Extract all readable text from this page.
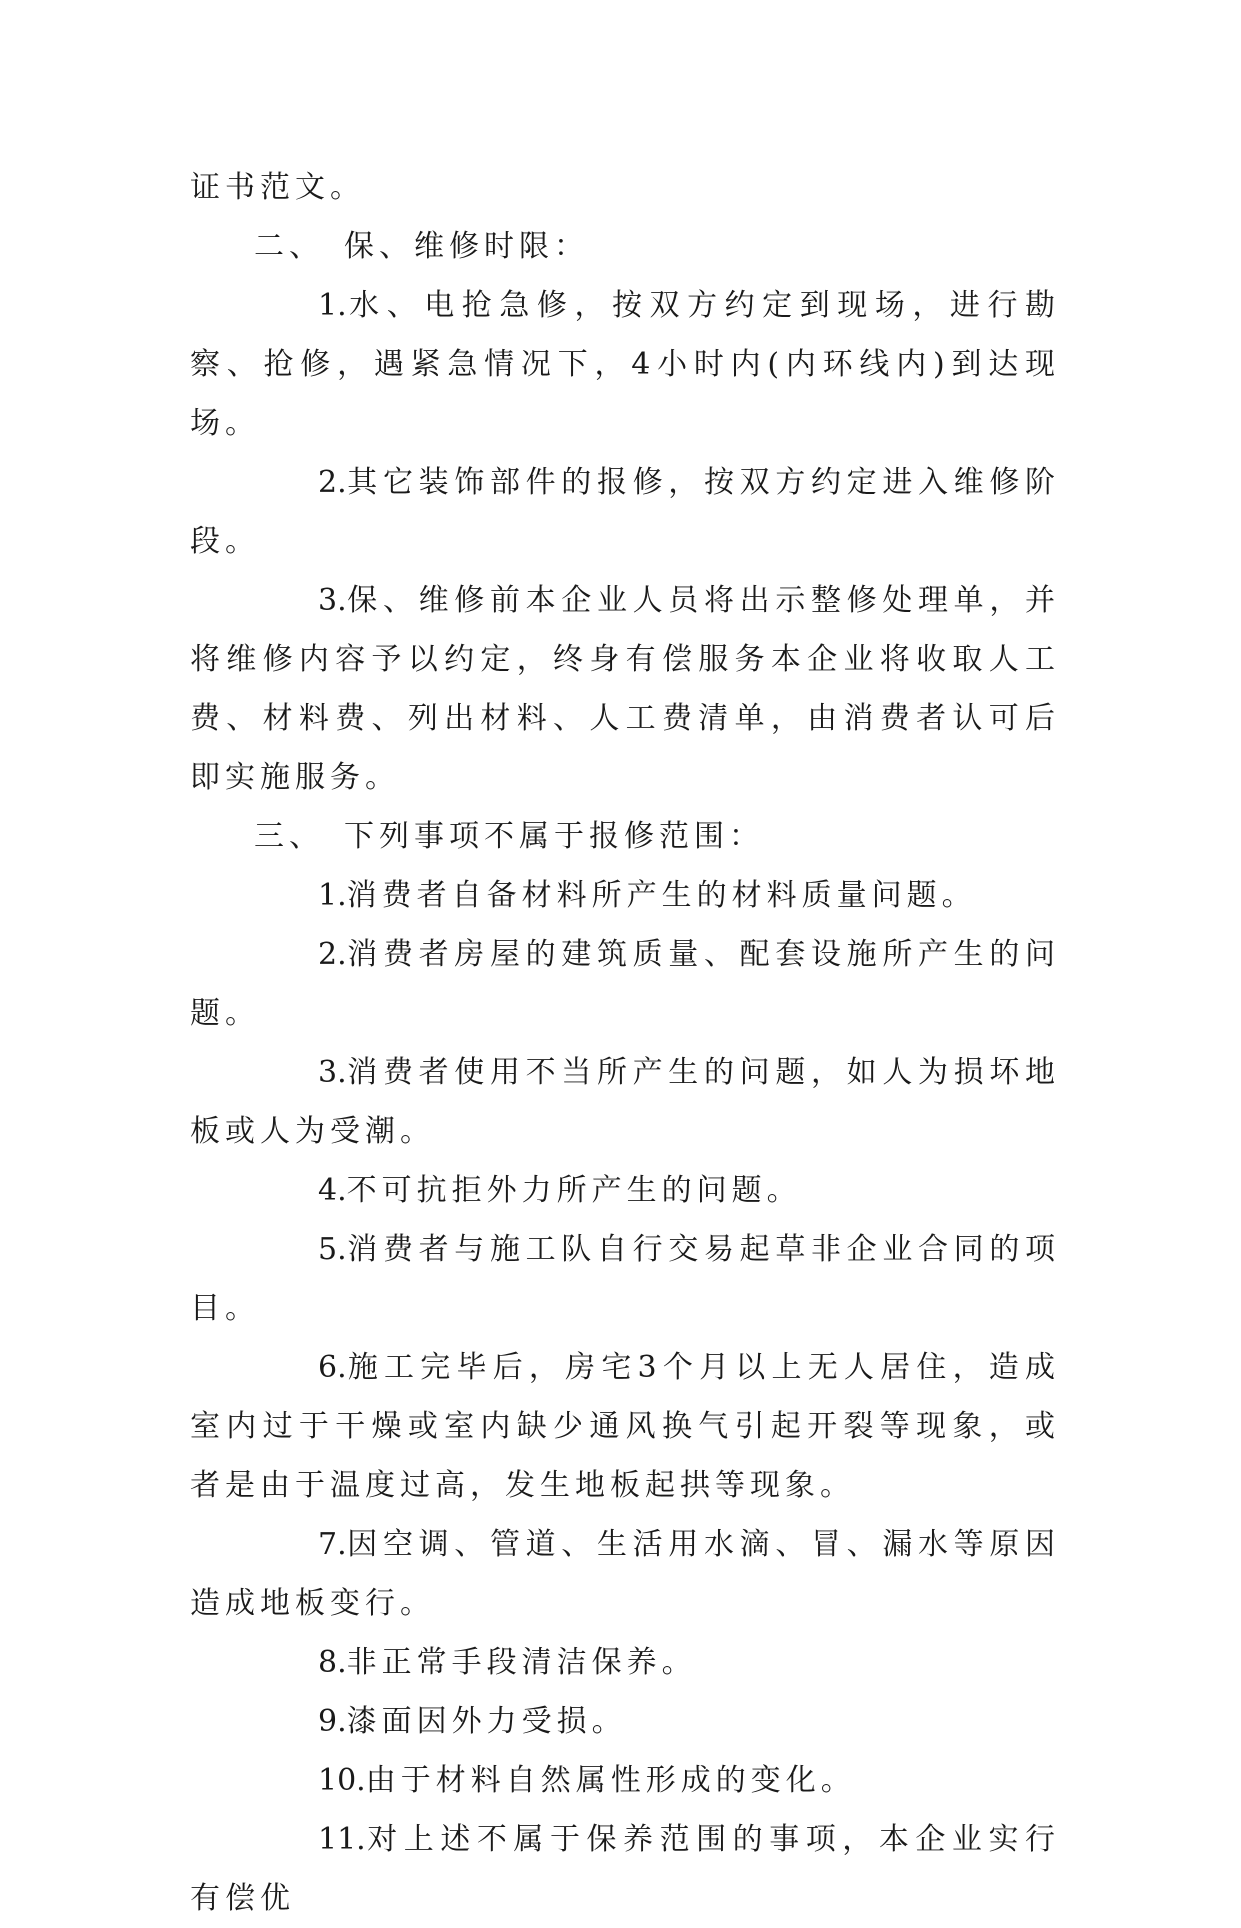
证书范文。

二、　保、维修时限：

1.水、电抢急修，按双方约定到现场，进行勘察、抢修，遇紧急情况下，4小时内(内环线内)到达现场。

2.其它装饰部件的报修，按双方约定进入维修阶段。

3.保、维修前本企业人员将出示整修处理单，并将维修内容予以约定，终身有偿服务本企业将收取人工费、材料费、列出材料、人工费清单，由消费者认可后即实施服务。

三、　下列事项不属于报修范围：

1.消费者自备材料所产生的材料质量问题。

2.消费者房屋的建筑质量、配套设施所产生的问题。

3.消费者使用不当所产生的问题，如人为损坏地板或人为受潮。

4.不可抗拒外力所产生的问题。

5.消费者与施工队自行交易起草非企业合同的项目。

6.施工完毕后，房宅3个月以上无人居住，造成室内过于干燥或室内缺少通风换气引起开裂等现象，或者是由于温度过高，发生地板起拱等现象。

7.因空调、管道、生活用水滴、冒、漏水等原因造成地板变行。

8.非正常手段清洁保养。

9.漆面因外力受损。

10.由于材料自然属性形成的变化。

11.对上述不属于保养范围的事项，本企业实行有偿优
